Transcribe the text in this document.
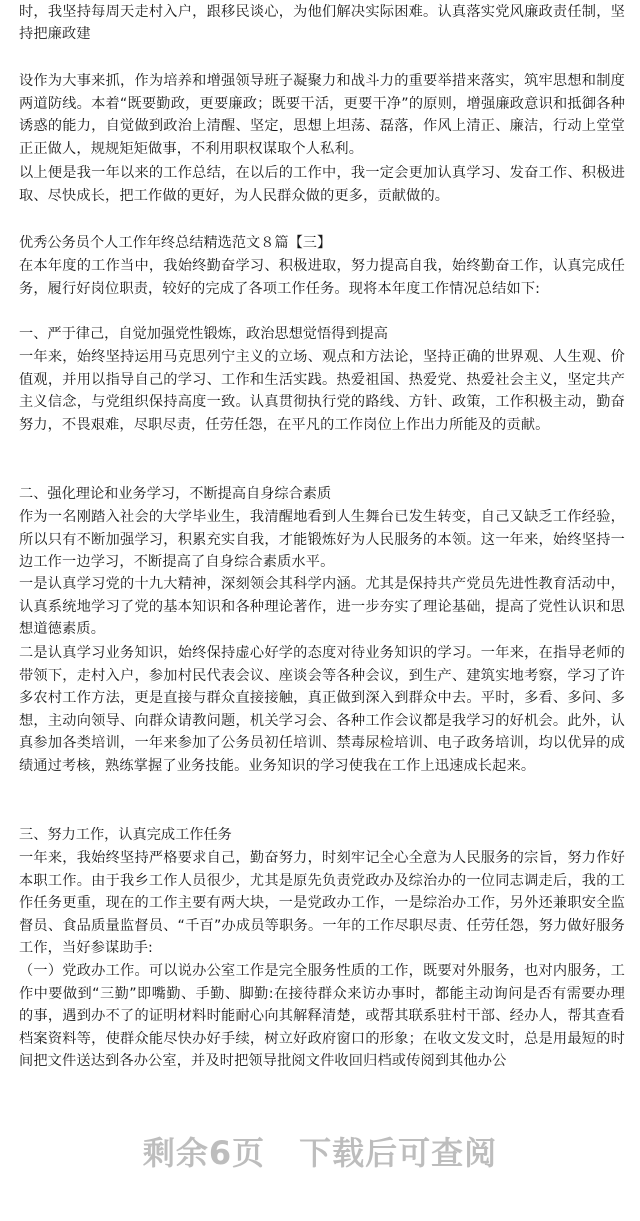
时，我坚持每周天走村入户，跟移民谈心，为他们解决实际困难。认真落实党风廉政责任制，坚持把廉政建

设作为大事来抓，作为培养和增强领导班子凝聚力和战斗力的重要举措来落实，筑牢思想和制度两道防线。本着“既要勤政，更要廉政；既要干活，更要干净”的原则，增强廉政意识和抵御各种诱惑的能力，自觉做到政治上清醒、坚定，思想上坦荡、磊落，作风上清正、廉洁，行动上堂堂正正做人，规规矩矩做事，不利用职权谋取个人私利。

以上便是我一年以来的工作总结，在以后的工作中，我一定会更加认真学习、发奋工作、积极进取、尽快成长，把工作做的更好，为人民群众做的更多，贡献做的。

优秀公务员个人工作年终总结精选范文８篇【三】

在本年度的工作当中，我始终勤奋学习、积极进取，努力提高自我，始终勤奋工作，认真完成任务，履行好岗位职责，较好的完成了各项工作任务。现将本年度工作情况总结如下:

一、严于律己，自觉加强党性锻炼，政治思想觉悟得到提高

一年来，始终坚持运用马克思列宁主义的立场、观点和方法论，坚持正确的世界观、人生观、价值观，并用以指导自己的学习、工作和生活实践。热爱祖国、热爱党、热爱社会主义，坚定共产主义信念，与党组织保持高度一致。认真贯彻执行党的路线、方针、政策，工作积极主动，勤奋努力，不畏艰难，尽职尽责，任劳任怨，在平凡的工作岗位上作出力所能及的贡献。

二、强化理论和业务学习，不断提高自身综合素质

作为一名刚踏入社会的大学毕业生，我清醒地看到人生舞台已发生转变，自己又缺乏工作经验，所以只有不断加强学习，积累充实自我，才能锻炼好为人民服务的本领。这一年来，始终坚持一边工作一边学习，不断提高了自身综合素质水平。

一是认真学习党的十九大精神，深刻领会其科学内涵。尤其是保持共产党员先进性教育活动中，认真系统地学习了党的基本知识和各种理论著作，进一步夯实了理论基础，提高了党性认识和思想道德素质。

二是认真学习业务知识，始终保持虚心好学的态度对待业务知识的学习。一年来，在指导老师的带领下，走村入户，参加村民代表会议、座谈会等各种会议，到生产、建筑实地考察，学习了许多农村工作方法，更是直接与群众直接接触，真正做到深入到群众中去。平时，多看、多问、多想，主动向领导、向群众请教问题，机关学习会、各种工作会议都是我学习的好机会。此外，认真参加各类培训，一年来参加了公务员初任培训、禁毒尿检培训、电子政务培训，均以优异的成绩通过考核，熟练掌握了业务技能。业务知识的学习使我在工作上迅速成长起来。

三、努力工作，认真完成工作任务

一年来，我始终坚持严格要求自己，勤奋努力，时刻牢记全心全意为人民服务的宗旨，努力作好本职工作。由于我乡工作人员很少，尤其是原先负责党政办及综治办的一位同志调走后，我的工作任务更重，现在的工作主要有两大块，一是党政办工作，一是综治办工作，另外还兼职安全监督员、食品质量监督员、“千百”办成员等职务。一年的工作尽职尽责、任劳任怨，努力做好服务工作，当好参谋助手:

（一）党政办工作。可以说办公室工作是完全服务性质的工作，既要对外服务，也对内服务，工作中要做到“三勤”即嘴勤、手勤、脚勤:在接待群众来访办事时，都能主动询问是否有需要办理的事，遇到办不了的证明材料时能耐心向其解释清楚，或帮其联系驻村干部、经办人，帮其查看档案资料等，使群众能尽快办好手续，树立好政府窗口的形象；在收文发文时，总是用最短的时间把文件送达到各办公室，并及时把领导批阅文件收回归档或传阅到其他办公

剩余6页 下载后可查阅
